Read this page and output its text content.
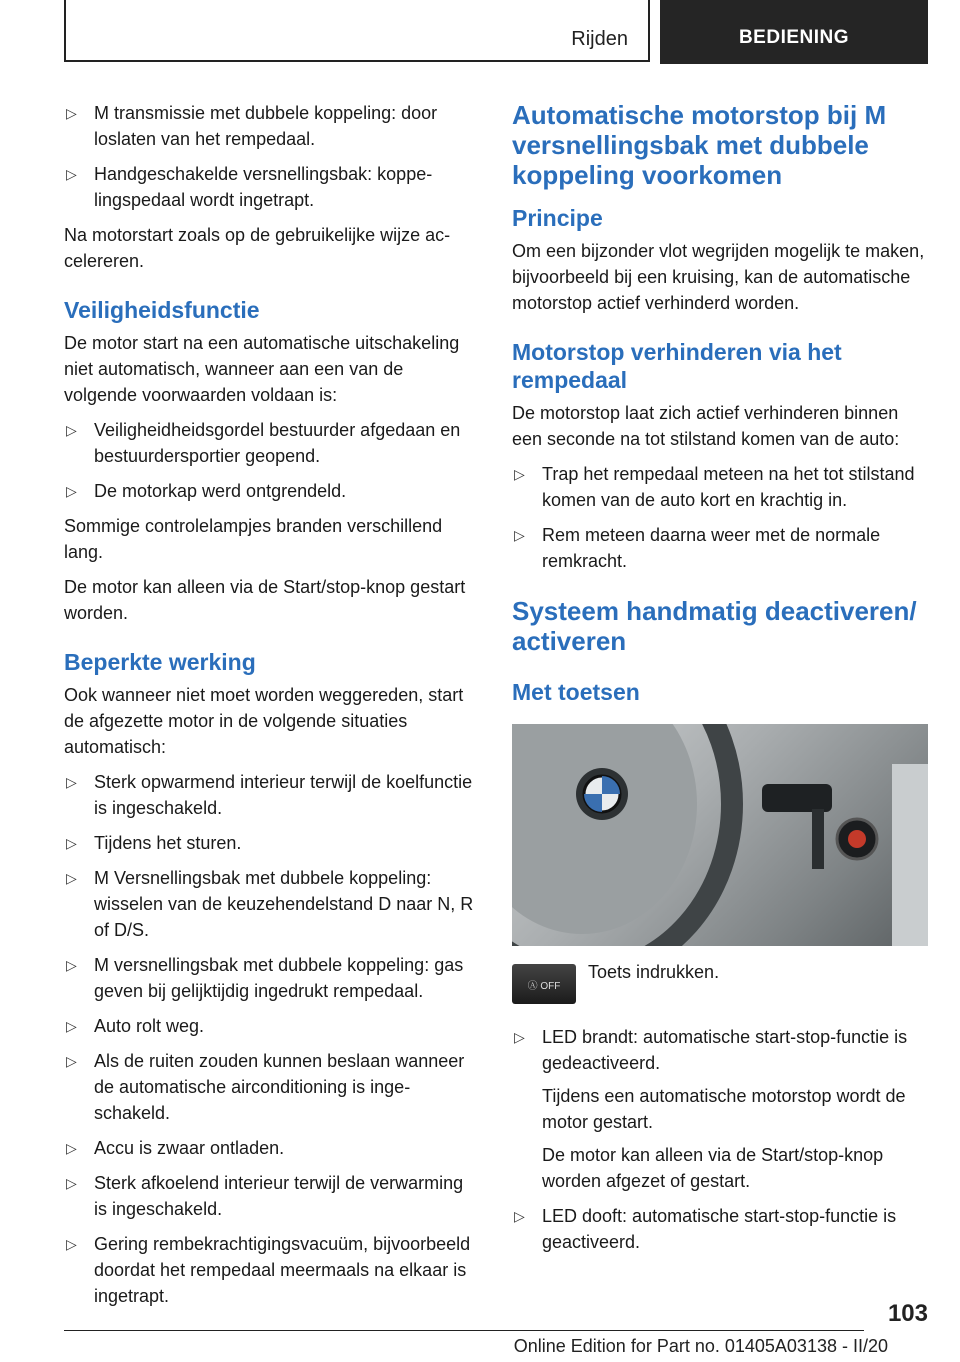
Rijden	BEDIENING
▷ M transmissie met dubbele koppeling: door loslaten van het rempedaal.
▷ Handgeschakelde versnellingsbak: koppelingspedaal wordt ingetrapt.

Na motorstart zoals op de gebruikelijke wijze accelereren.

Veiligheidsfunctie

De motor start na een automatische uitschakeling niet automatisch, wanneer aan een van de volgende voorwaarden voldaan is:

▷ Veiligheidheidsgordel bestuurder afgedaan en bestuurdersportier geopend.
▷ De motorkap werd ontgrendeld.

Sommige controlelampjes branden verschillend lang.

De motor kan alleen via de Start/stop-knop gestart worden.

Beperkte werking

Ook wanneer niet moet worden weggereden, start de afgezette motor in de volgende situaties automatisch:

▷ Sterk opwarmend interieur terwijl de koelfunctie is ingeschakeld.
▷ Tijdens het sturen.
▷ M Versnellingsbak met dubbele koppeling: wisselen van de keuzehendelstand D naar N, R of D/S.
▷ M versnellingsbak met dubbele koppeling: gas geven bij gelijktijdig ingedrukt rempedaal.
▷ Auto rolt weg.
▷ Als de ruiten zouden kunnen beslaan wanneer de automatische airconditioning is ingeschakeld.
▷ Accu is zwaar ontladen.
▷ Sterk afkoelend interieur terwijl de verwarming is ingeschakeld.
▷ Gering rembekrachtigingsvacuüm, bijvoorbeeld doordat het rempedaal meermaals na elkaar is ingetrapt.
Automatische motorstop bij M versnellingsbak met dubbele koppeling voorkomen
Principe

Om een bijzonder vlot wegrijden mogelijk te maken, bijvoorbeeld bij een kruising, kan de automatische motorstop actief verhinderd worden.

Motorstop verhinderen via het rempedaal

De motorstop laat zich actief verhinderen binnen een seconde na tot stilstand komen van de auto:

▷ Trap het rempedaal meteen na het tot stilstand komen van de auto kort en krachtig in.
▷ Rem meteen daarna weer met de normale remkracht.
Systeem handmatig deactiveren/ activeren
Met toetsen
Ⓐ OFF
Toets indrukken.
▷ LED brandt: automatische start-stop-functie is gedeactiveerd.
Tijdens een automatische motorstop wordt de motor gestart.
De motor kan alleen via de Start/stop-knop worden afgezet of gestart.
▷ LED dooft: automatische start-stop-functie is geactiveerd.
103
Online Edition for Part no. 01405A03138 - II/20
